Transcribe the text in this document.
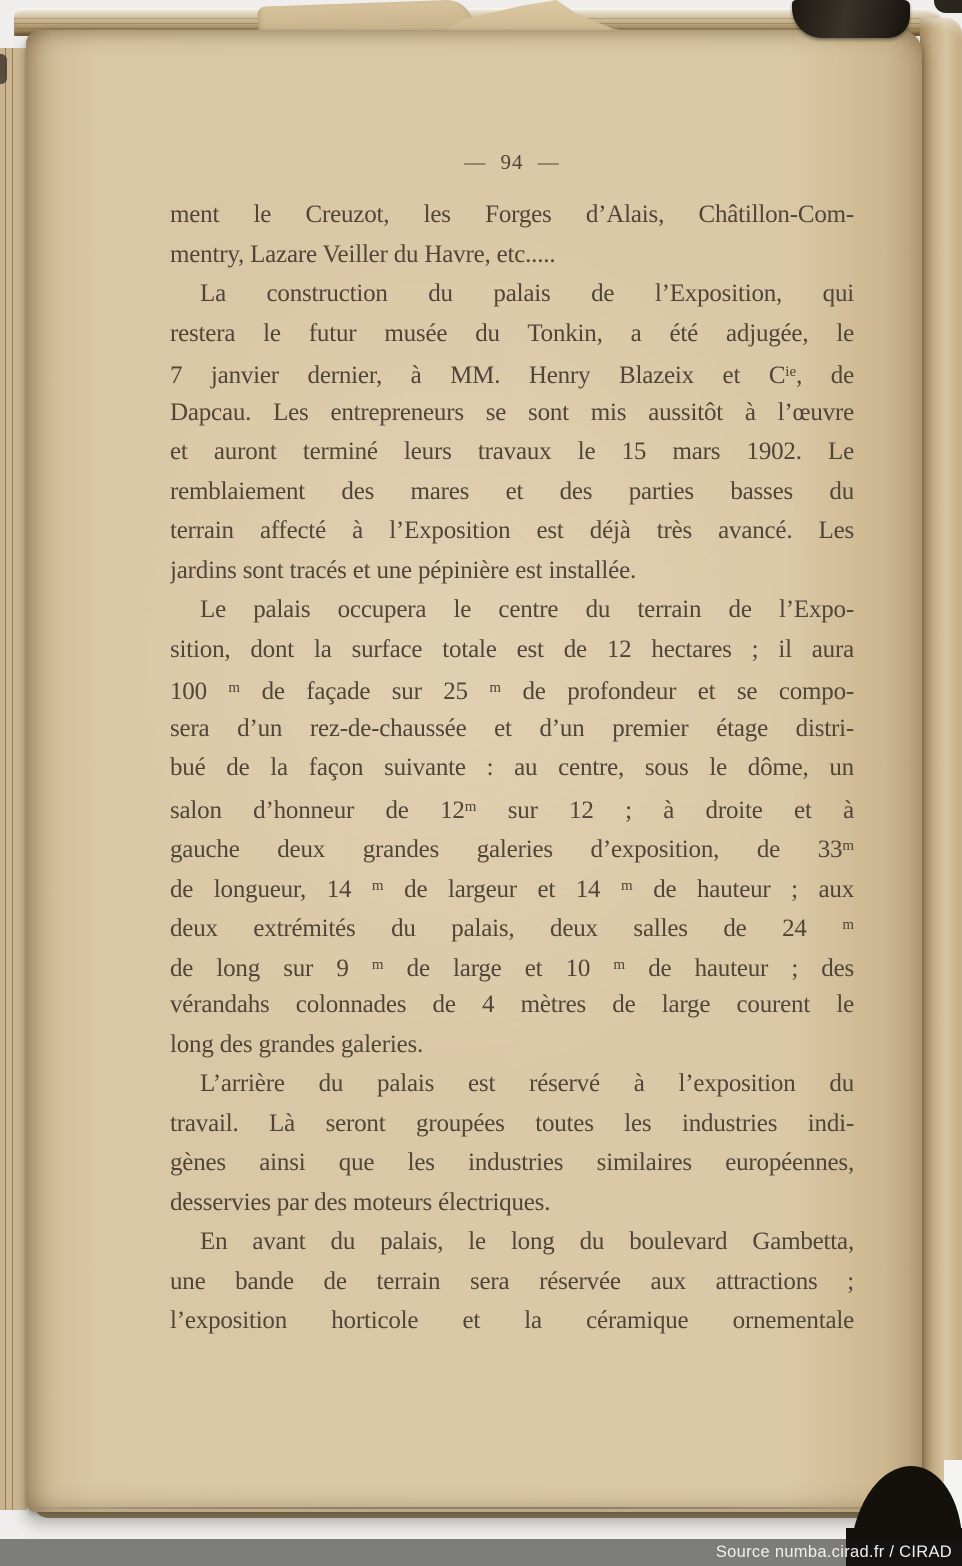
— 94 —
ment le Creuzot, les Forges d’Alais, Châtillon-Com-
mentry, Lazare Veiller du Havre, etc.....
La construction du palais de l’Exposition, qui
restera le futur musée du Tonkin, a été adjugée, le
7 janvier dernier, à MM. Henry Blazeix et $C^{ie}$, de
Dapcau. Les entrepreneurs se sont mis aussitôt à l’œuvre
et auront terminé leurs travaux le 15 mars 1902. Le
remblaiement des mares et des parties basses du
terrain affecté à l’Exposition est déjà très avancé. Les
jardins sont tracés et une pépinière est installée.
Le palais occupera le centre du terrain de l’Expo-
sition, dont la surface totale est de 12 hectares ; il aura
100 $^m$ de façade sur 25 $^m$ de profondeur et se compo-
sera d’un rez-de-chaussée et d’un premier étage distri-
bué de la façon suivante : au centre, sous le dôme, un
salon d’honneur de 12$^m$ sur 12 ; à droite et à
gauche deux grandes galeries d’exposition, de 33$^m$
de longueur, 14 $^m$ de largeur et 14 $^m$ de hauteur ; aux
deux extrémités du palais, deux salles de 24 $^m$
de long sur 9 $^m$ de large et 10 $^m$ de hauteur ; des
vérandahs colonnades de 4 mètres de large courent le
long des grandes galeries.
L’arrière du palais est réservé à l’exposition du
travail. Là seront groupées toutes les industries indi-
gènes ainsi que les industries similaires européennes,
desservies par des moteurs électriques.
En avant du palais, le long du boulevard Gambetta,
une bande de terrain sera réservée aux attractions ;
l’exposition horticole et la céramique ornementale
Source numba.cirad.fr / CIRAD
